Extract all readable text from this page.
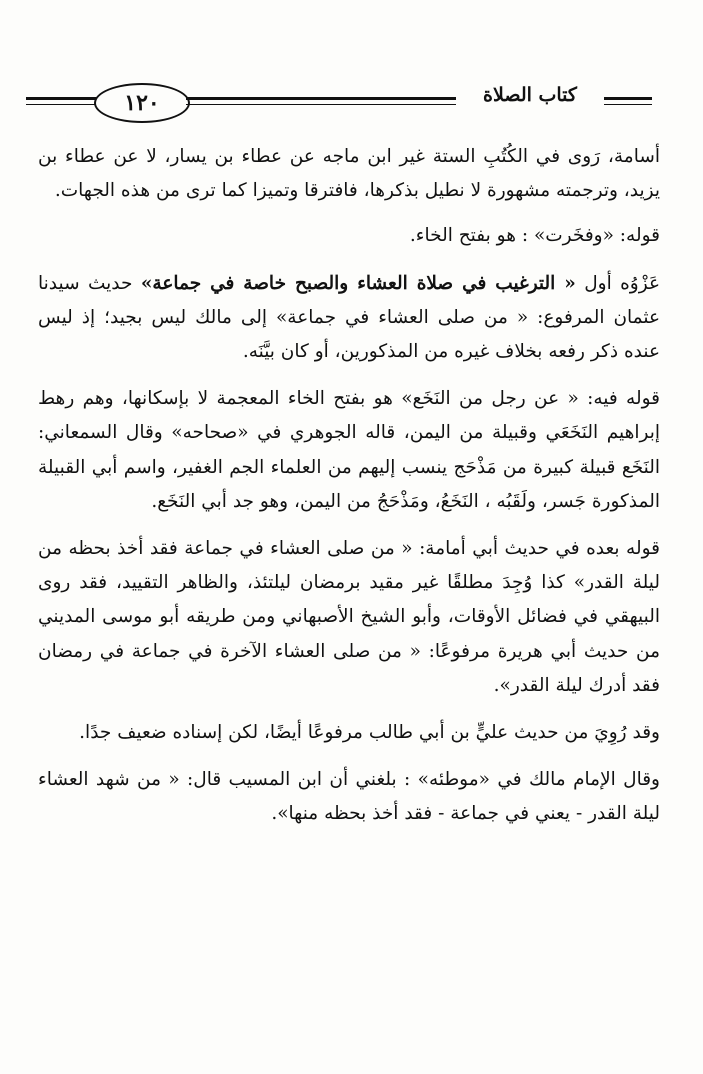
١٢٠	كتاب الصلاة

أسامة، رَوى في الكُتُبِ الستة غير ابن ماجه عن عطاء بن يسار، لا عن عطاء بن يزيد، وترجمته مشهورة لا نطيل بذكرها، فافترقا وتميزا كما ترى من هذه الجهات.

قوله: «وفخَرت» : هو بفتح الخاء.

عَزْوُه أول « الترغيب في صلاة العشاء والصبح خاصة في جماعة» حديث سيدنا عثمان المرفوع: « من صلى العشاء في جماعة» إلى مالك ليس بجيد؛ إذ ليس عنده ذكر رفعه بخلاف غيره من المذكورين، أو كان بيَّنَه.

قوله فيه: « عن رجل من النَخَع» هو بفتح الخاء المعجمة لا بإسكانها، وهم رهط إبراهيم النَخَعَي وقبيلة من اليمن، قاله الجوهري في «صحاحه» وقال السمعاني: النَخَع قبيلة كبيرة من مَذْحَج ينسب إليهم من العلماء الجم الغفير، واسم أبي القبيلة المذكورة جَسر، ولَقَبُه ، النَخَعُ، ومَذْحَجُ من اليمن، وهو جد أبي النَخَع.

قوله بعده في حديث أبي أمامة: « من صلى العشاء في جماعة فقد أخذ بحظه من ليلة القدر» كذا وُجِدَ مطلقًا غير مقيد برمضان ليلتئذ، والظاهر التقييد، فقد روى البيهقي في فضائل الأوقات، وأبو الشيخ الأصبهاني ومن طريقه أبو موسى المديني من حديث أبي هريرة مرفوعًا: « من صلى العشاء الآخرة في جماعة في رمضان فقد أدرك ليلة القدر».

وقد رُوِيَ من حديث عليٍّ بن أبي طالب مرفوعًا أيضًا، لكن إسناده ضعيف جدًا.

وقال الإمام مالك في «موطئه» : بلغني أن ابن المسيب قال: « من شهد العشاء ليلة القدر - يعني في جماعة - فقد أخذ بحظه منها».
